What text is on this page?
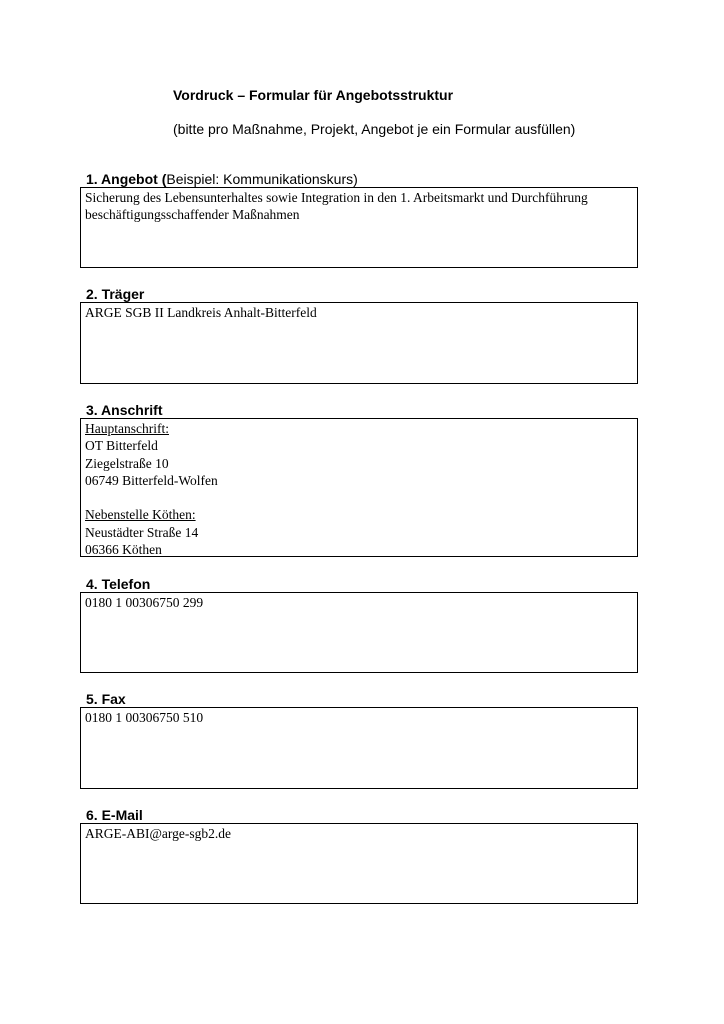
Vordruck – Formular für Angebotsstruktur
(bitte pro Maßnahme, Projekt, Angebot je ein Formular ausfüllen)
1. Angebot (Beispiel: Kommunikationskurs)
Sicherung des Lebensunterhaltes sowie Integration in den 1. Arbeitsmarkt und Durchführung beschäftigungsschaffender Maßnahmen
2. Träger
ARGE SGB II Landkreis Anhalt-Bitterfeld
3. Anschrift
Hauptanschrift:
OT Bitterfeld
Ziegelstraße 10
06749 Bitterfeld-Wolfen
Nebenstelle Köthen:
Neustädter Straße 14
06366 Köthen
4. Telefon
0180 1 00306750 299
5. Fax
0180 1 00306750 510
6. E-Mail
ARGE-ABI@arge-sgb2.de
